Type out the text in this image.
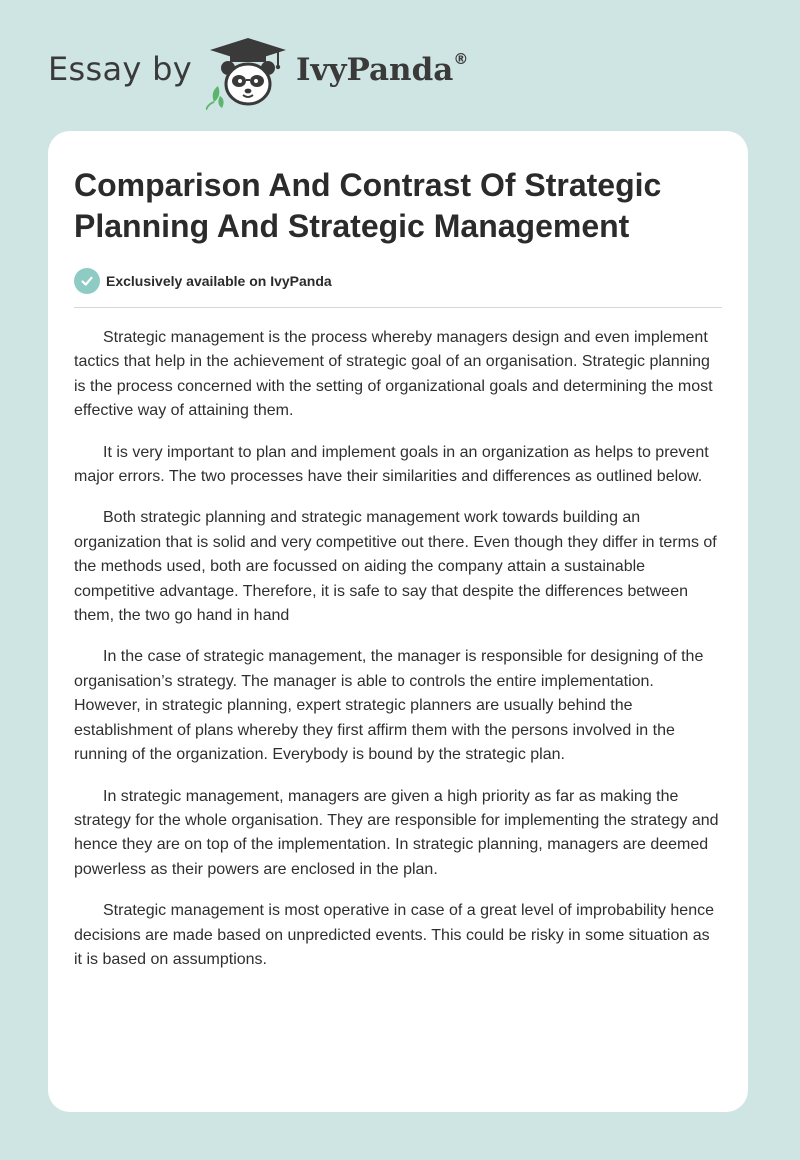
Essay by	IvyPanda®
Comparison And Contrast Of Strategic Planning And Strategic Management
Exclusively available on IvyPanda

Strategic management is the process whereby managers design and even implement tactics that help in the achievement of strategic goal of an organisation. Strategic planning is the process concerned with the setting of organizational goals and determining the most effective way of attaining them.

It is very important to plan and implement goals in an organization as helps to prevent major errors. The two processes have their similarities and differences as outlined below.

Both strategic planning and strategic management work towards building an organization that is solid and very competitive out there. Even though they differ in terms of the methods used, both are focussed on aiding the company attain a sustainable competitive advantage. Therefore, it is safe to say that despite the differences between them, the two go hand in hand

In the case of strategic management, the manager is responsible for designing of the organisation’s strategy. The manager is able to controls the entire implementation. However, in strategic planning, expert strategic planners are usually behind the establishment of plans whereby they first affirm them with the persons involved in the running of the organization. Everybody is bound by the strategic plan.

In strategic management, managers are given a high priority as far as making the strategy for the whole organisation. They are responsible for implementing the strategy and hence they are on top of the implementation. In strategic planning, managers are deemed powerless as their powers are enclosed in the plan.

Strategic management is most operative in case of a great level of improbability hence decisions are made based on unpredicted events. This could be risky in some situation as it is based on assumptions.
